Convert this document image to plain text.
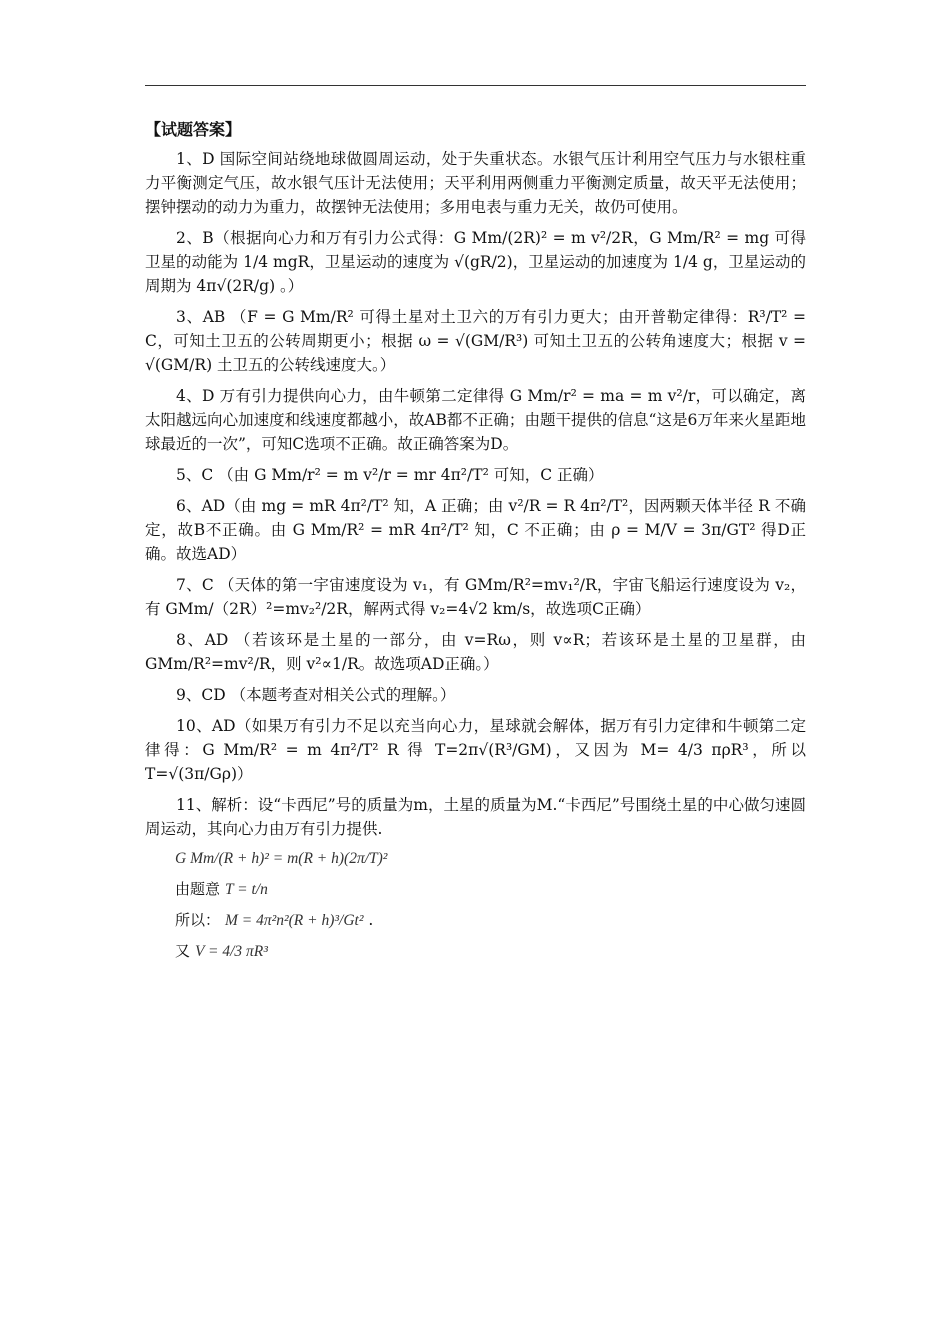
【试题答案】

1、D 国际空间站绕地球做圆周运动，处于失重状态。水银气压计利用空气压力与水银柱重力平衡测定气压，故水银气压计无法使用；天平利用两侧重力平衡测定质量，故天平无法使用；摆钟摆动的动力为重力，故摆钟无法使用；多用电表与重力无关，故仍可使用。

2、B（根据向心力和万有引力公式得：G Mm/(2R)² = m v²/2R，G Mm/R² = mg 可得卫星的动能为 1/4 mgR，卫星运动的速度为 √(gR/2)，卫星运动的加速度为 1/4 g，卫星运动的周期为 4π√(2R/g) 。）

3、AB （F = G Mm/R² 可得土星对土卫六的万有引力更大；由开普勒定律得：R³/T² = C，可知土卫五的公转周期更小；根据 ω = √(GM/R³) 可知土卫五的公转角速度大；根据 v = √(GM/R) 土卫五的公转线速度大。）

4、D 万有引力提供向心力，由牛顿第二定律得 G Mm/r² = ma = m v²/r，可以确定，离太阳越远向心加速度和线速度都越小，故AB都不正确；由题干提供的信息“这是6万年来火星距地球最近的一次”，可知C选项不正确。故正确答案为D。

5、C （由 G Mm/r² = m v²/r = mr 4π²/T² 可知，C 正确）

6、AD（由 mg = mR 4π²/T² 知，A 正确；由 v²/R = R 4π²/T²，因两颗天体半径 R 不确定，故B不正确。由 G Mm/R² = mR 4π²/T² 知，C 不正确；由 ρ = M/V = 3π/GT² 得D正确。故选AD）

7、C （天体的第一宇宙速度设为 v₁，有 GMm/R²=mv₁²/R，宇宙飞船运行速度设为 v₂，有 GMm/（2R）²=mv₂²/2R，解两式得 v₂=4√2 km/s，故选项C正确）

8、AD （若该环是土星的一部分，由 v=Rω，则 v∝R；若该环是土星的卫星群，由 GMm/R²=mv²/R，则 v²∝1/R。故选项AD正确。）

9、CD （本题考查对相关公式的理解。）

10、AD（如果万有引力不足以充当向心力，星球就会解体，据万有引力定律和牛顿第二定律得：G Mm/R² = m 4π²/T² R 得 T=2π√(R³/GM)，又因为 M= 4/3 πρR³，所以 T=√(3π/Gρ)）

11、解析：设“卡西尼”号的质量为m，土星的质量为M.“卡西尼”号围绕土星的中心做匀速圆周运动，其向心力由万有引力提供.

G Mm/(R + h)² = m(R + h)(2π/T)²
由题意 T = t/n
所以： M = 4π²n²(R + h)³/Gt² .
又 V = 4/3 πR³
